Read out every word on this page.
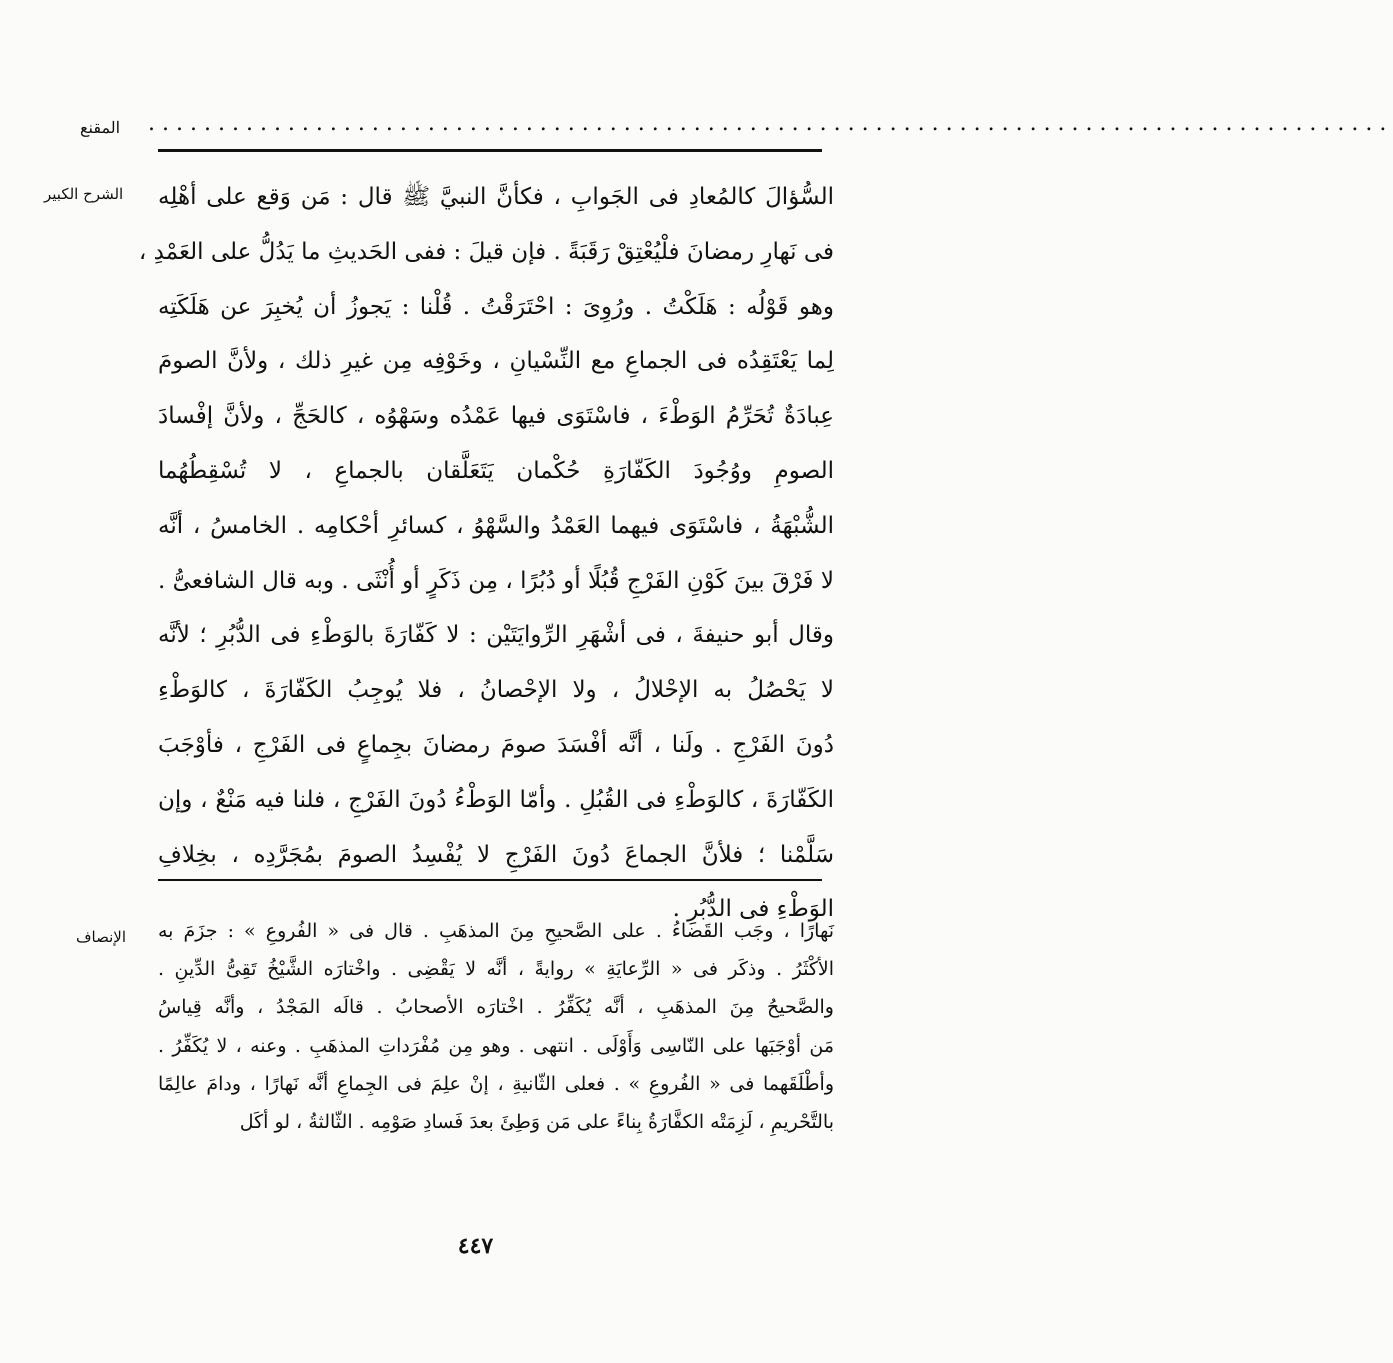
المقنع .........................................................................................
الشرح الكبير السُّؤالَ كالمُعادِ فى الجَوابِ ، فكأنَّ النبيَّ ﷺ قال : مَن وَقع على أهْلِه
فى نَهارِ رمضانَ فلْيُعْتِقْ رَقَبَةً . فإن قيلَ : ففى الحَديثِ ما يَدُلُّ على العَمْدِ ،
وهو قَوْلُه : هَلَكْتُ . ورُوِىَ : احْتَرَقْتُ . قُلْنا : يَجوزُ أن يُخبِرَ عن هَلَكَتِه
لِما يَعْتَقِدُه فى الجماعِ مع النِّسْيانِ ، وخَوْفِه مِن غيرِ ذلك ، ولأنَّ الصومَ
عِبادَةٌ تُحَرِّمُ الوَطْءَ ، فاسْتَوَى فيها عَمْدُه وسَهْوُه ، كالحَجِّ ، ولأنَّ إفْسادَ
الصومِ ووُجُودَ الكَفّارَةِ حُكْمان يَتَعَلَّقان بالجماعِ ، لا تُسْقِطُهُما
الشُّبْهَةُ ، فاسْتَوَى فيهما العَمْدُ والسَّهْوُ ، كسائرِ أحْكامِه . الخامسُ ، أنَّه
لا فَرْقَ بينَ كَوْنِ الفَرْجِ قُبُلًا أو دُبُرًا ، مِن ذَكَرٍ أو أُنْثَى . وبه قال الشافعىُّ .
وقال أبو حنيفةَ ، فى أشْهَرِ الرِّوايَتَيْن : لا كَفّارَةَ بالوَطْءِ فى الدُّبُرِ ؛ لأنَّه
لا يَحْصُلُ به الإحْلالُ ، ولا الإحْصانُ ، فلا يُوجِبُ الكَفّارَةَ ، كالوَطْءِ
دُونَ الفَرْجِ . ولَنا ، أنَّه أفْسَدَ صومَ رمضانَ بجِماعٍ فى الفَرْجِ ، فأوْجَبَ
الكَفّارَةَ ، كالوَطْءِ فى القُبُلِ . وأمّا الوَطْءُ دُونَ الفَرْجِ ، فلنا فيه مَنْعٌ ، وإن
سَلَّمْنا ؛ فلأنَّ الجماعَ دُونَ الفَرْجِ لا يُفْسِدُ الصومَ بمُجَرَّدِه ، بخِلافِ
الوَطْءِ فى الدُّبُرِ .
الإنصاف نَهارًا ، وجَب القَضاءُ . على الصَّحيحِ مِنَ المذهَبِ . قال فى « الفُروعِ » : جزَمَ به
الأكْثَرُ . وذكَر فى « الرِّعايَةِ » روايةً ، أنَّه لا يَقْضِى . واخْتارَه الشَّيْخُ تَقِىُّ الدِّينِ .
والصَّحيحُ مِنَ المذهَبِ ، أنَّه يُكَفِّرُ . اخْتارَه الأصحابُ . قالَه المَجْدُ ، وأنَّه قِياسُ
مَن أوْجَبَها على النّاسِى وَأَوْلَى . انتهى . وهو مِن مُفْرَداتِ المذهَبِ . وعنه ، لا يُكَفِّرُ .
وأطْلَقَهما فى « الفُروعِ » . فعلى الثّانيةِ ، إنْ علِمَ فى الجِماعِ أنَّه نَهارًا ، ودامَ عالِمًا
بالتَّحْريمِ ، لَزِمَتْه الكفَّارَةُ بِناءً على مَن وَطِئَ بعدَ فَسادِ صَوْمِه . الثّالثةُ ، لو أكَل
٤٤٧
